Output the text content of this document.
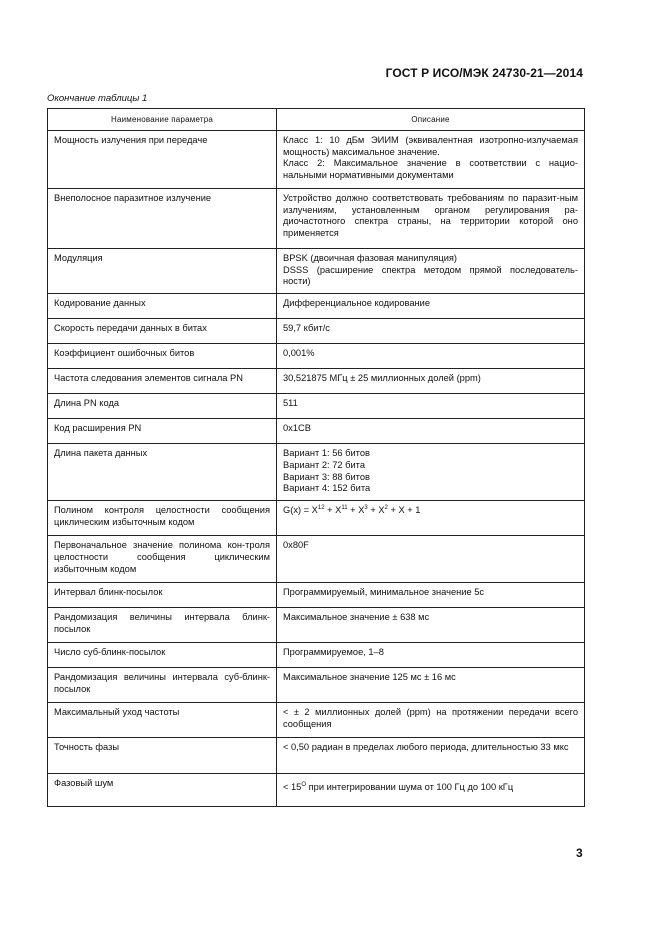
ГОСТ Р ИСО/МЭК 24730-21—2014
Окончание таблицы 1
Наименование параметра	Описание
Мощность излучения при передаче	Класс 1: 10 дБм ЭИИМ (эквивалентная изотропно-излучаемая
мощность) максимальное значение.
Класс 2: Максимальное значение в соответствии с нацио-
нальными нормативными документами

Внеполосное паразитное излучение	Устройство должно соответствовать требованиям по паразит-ным излучениям, установленным органом регулирования ра-диочастотного спектра страны, на территории которой оно применяется
Модуляция	BPSK (двоичная фазовая манипуляция)
DSSS (расширение спектра методом прямой последователь-
ности)

Кодирование данных	Дифференциальное кодирование
Скорость передачи данных в битах	59,7 кбит/с
Коэффициент ошибочных битов	0,001%
Частота следования элементов сигнала PN	30,521875 МГц ± 25 миллионных долей (ppm)
Длина PN кода	511
Код расширения PN	0x1CB
Длина пакета данных	Вариант 1: 56 битов
Вариант 2: 72 бита
Вариант 3: 88 битов
Вариант 4: 152 бита

Полином контроля целостности сообщения циклическим избыточным кодом	$G(x) = X^{12} + X^{11} + X^3 + X^2 + X + 1$
Первоначальное значение полинома кон-троля целостности сообщения циклическим избыточным кодом	0x80F
Интервал блинк-посылок	Программируемый, минимальное значение 5с
Рандомизация величины интервала блинк-посылок	Максимальное значение ± 638 мс
Число суб-блинк-посылок	Программируемое, 1–8
Рандомизация величины интервала суб-блинк-посылок	Максимальное значение 125 мс ± 16 мс
Максимальный уход частоты	< ± 2 миллионных долей (ppm) на протяжении передачи всего сообщения
Точность фазы	< 0,50 радиан в пределах любого периода, длительностью 33 мкс
Фазовый шум	< $15^О$ при интегрировании шума от 100 Гц до 100 кГц
3
